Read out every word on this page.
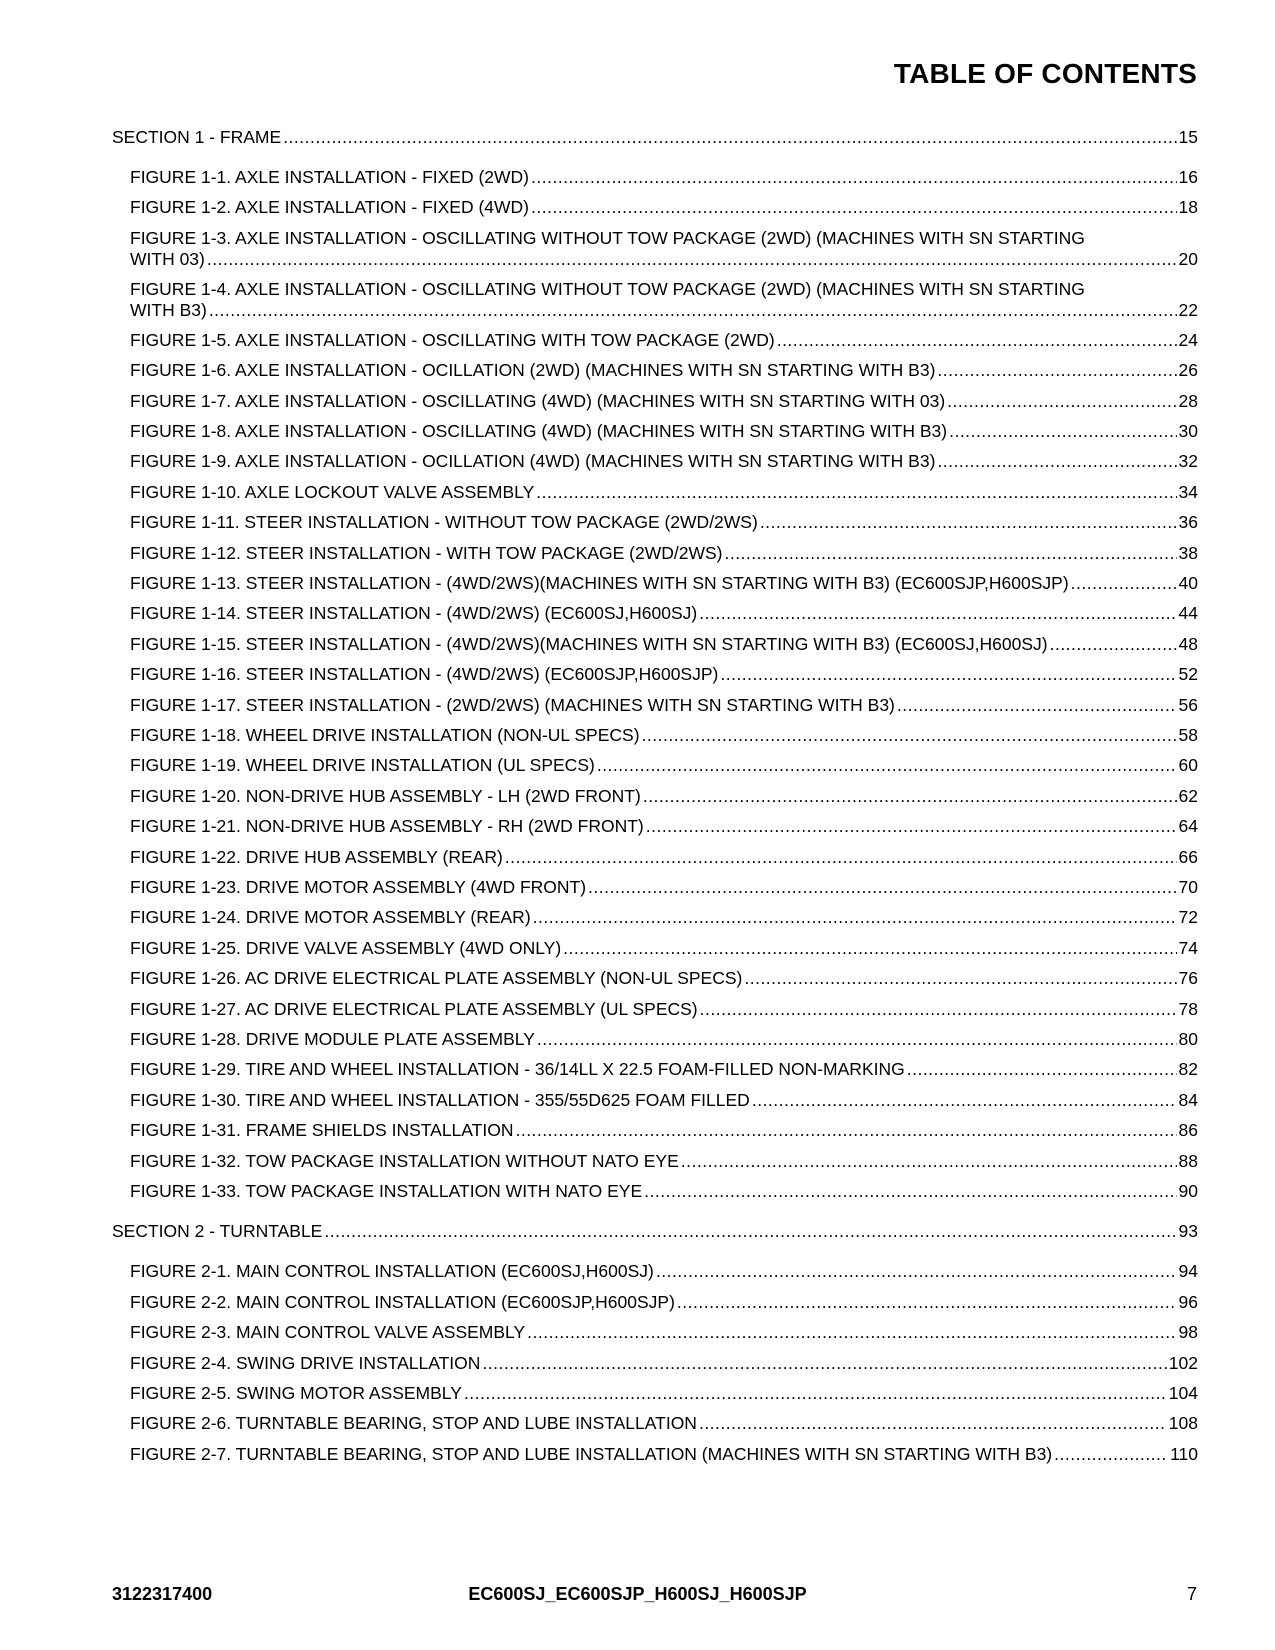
TABLE OF CONTENTS
SECTION 1 - FRAME .....	15
FIGURE 1-1. AXLE INSTALLATION - FIXED (2WD) .....	16
FIGURE 1-2. AXLE INSTALLATION - FIXED (4WD) .....	18
FIGURE 1-3. AXLE INSTALLATION - OSCILLATING WITHOUT TOW PACKAGE (2WD) (MACHINES WITH SN STARTING
WITH 03) .....	20
FIGURE 1-4. AXLE INSTALLATION - OSCILLATING WITHOUT TOW PACKAGE (2WD) (MACHINES WITH SN STARTING
WITH B3) .....	22
FIGURE 1-5. AXLE INSTALLATION - OSCILLATING WITH TOW PACKAGE (2WD) .....	24
FIGURE 1-6. AXLE INSTALLATION - OCILLATION (2WD) (MACHINES WITH SN STARTING WITH B3) .....	26
FIGURE 1-7. AXLE INSTALLATION - OSCILLATING (4WD) (MACHINES WITH SN STARTING WITH 03) .....	28
FIGURE 1-8. AXLE INSTALLATION - OSCILLATING (4WD) (MACHINES WITH SN STARTING WITH B3) .....	30
FIGURE 1-9. AXLE INSTALLATION - OCILLATION (4WD) (MACHINES WITH SN STARTING WITH B3) .....	32
FIGURE 1-10. AXLE LOCKOUT VALVE ASSEMBLY .....	34
FIGURE 1-11. STEER INSTALLATION - WITHOUT TOW PACKAGE (2WD/2WS) .....	36
FIGURE 1-12. STEER INSTALLATION - WITH TOW PACKAGE (2WD/2WS) .....	38
FIGURE 1-13. STEER INSTALLATION - (4WD/2WS)(MACHINES WITH SN STARTING WITH B3) (EC600SJP,H600SJP) .....	40
FIGURE 1-14. STEER INSTALLATION - (4WD/2WS) (EC600SJ,H600SJ) .....	44
FIGURE 1-15. STEER INSTALLATION - (4WD/2WS)(MACHINES WITH SN STARTING WITH B3) (EC600SJ,H600SJ) .....	48
FIGURE 1-16. STEER INSTALLATION - (4WD/2WS) (EC600SJP,H600SJP) .....	52
FIGURE 1-17. STEER INSTALLATION - (2WD/2WS) (MACHINES WITH SN STARTING WITH B3) .....	56
FIGURE 1-18. WHEEL DRIVE INSTALLATION (NON-UL SPECS) .....	58
FIGURE 1-19. WHEEL DRIVE INSTALLATION (UL SPECS) .....	60
FIGURE 1-20. NON-DRIVE HUB ASSEMBLY - LH (2WD FRONT) .....	62
FIGURE 1-21. NON-DRIVE HUB ASSEMBLY - RH (2WD FRONT) .....	64
FIGURE 1-22. DRIVE HUB ASSEMBLY (REAR) .....	66
FIGURE 1-23. DRIVE MOTOR ASSEMBLY (4WD FRONT) .....	70
FIGURE 1-24. DRIVE MOTOR ASSEMBLY (REAR) .....	72
FIGURE 1-25. DRIVE VALVE ASSEMBLY (4WD ONLY) .....	74
FIGURE 1-26. AC DRIVE ELECTRICAL PLATE ASSEMBLY (NON-UL SPECS) .....	76
FIGURE 1-27. AC DRIVE ELECTRICAL PLATE ASSEMBLY (UL SPECS) .....	78
FIGURE 1-28. DRIVE MODULE PLATE ASSEMBLY .....	80
FIGURE 1-29. TIRE AND WHEEL INSTALLATION - 36/14LL X 22.5 FOAM-FILLED NON-MARKING .....	82
FIGURE 1-30. TIRE AND WHEEL INSTALLATION - 355/55D625 FOAM FILLED .....	84
FIGURE 1-31. FRAME SHIELDS INSTALLATION .....	86
FIGURE 1-32. TOW PACKAGE INSTALLATION WITHOUT NATO EYE .....	88
FIGURE 1-33. TOW PACKAGE INSTALLATION WITH NATO EYE .....	90
SECTION 2 - TURNTABLE .....	93
FIGURE 2-1. MAIN CONTROL INSTALLATION (EC600SJ,H600SJ) .....	94
FIGURE 2-2. MAIN CONTROL INSTALLATION (EC600SJP,H600SJP) .....	96
FIGURE 2-3. MAIN CONTROL VALVE ASSEMBLY .....	98
FIGURE 2-4. SWING DRIVE INSTALLATION .....	102
FIGURE 2-5. SWING MOTOR ASSEMBLY .....	104
FIGURE 2-6. TURNTABLE BEARING, STOP AND LUBE INSTALLATION .....	108
FIGURE 2-7. TURNTABLE BEARING, STOP AND LUBE INSTALLATION (MACHINES WITH SN STARTING WITH B3) .....	110
3122317400	EC600SJ_EC600SJP_H600SJ_H600SJP	7
